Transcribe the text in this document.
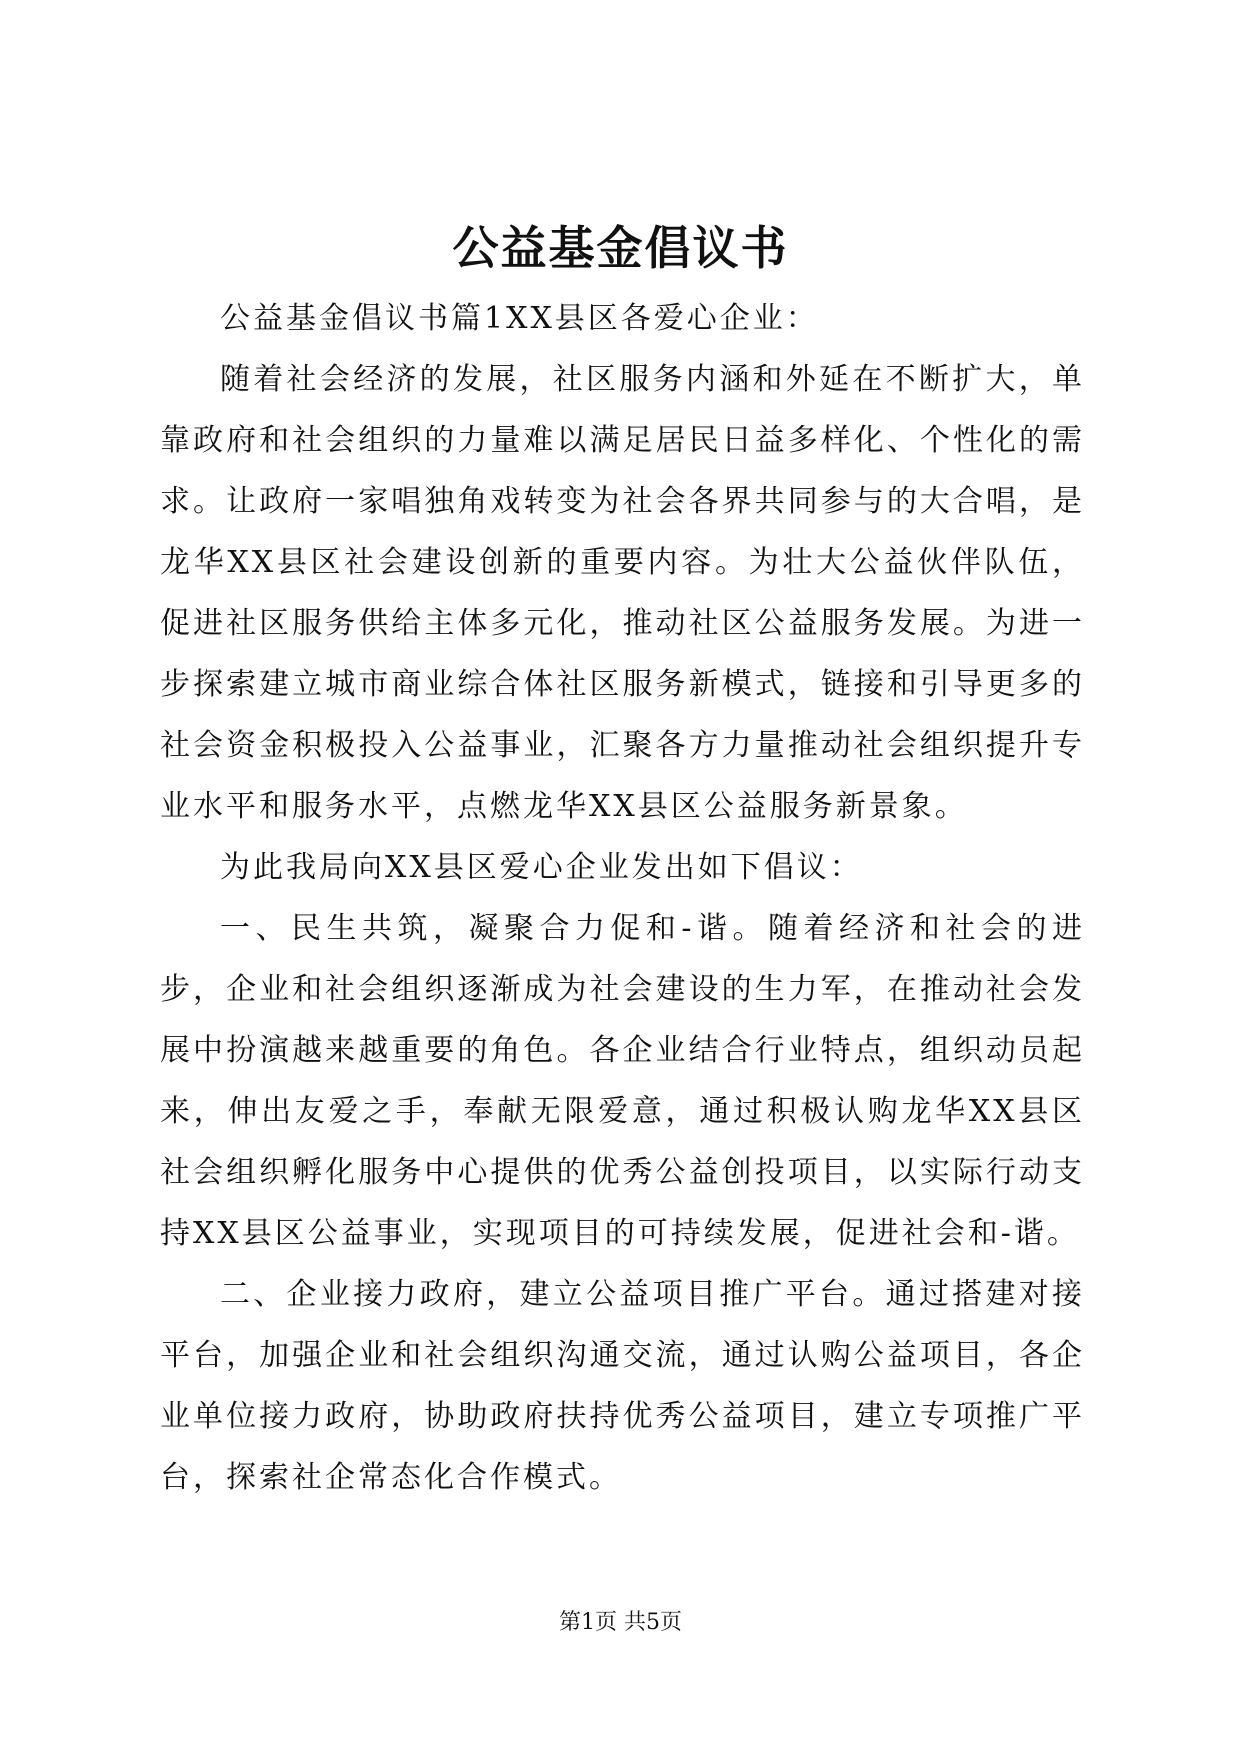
公益基金倡议书

公益基金倡议书篇1XX县区各爱心企业：

随着社会经济的发展，社区服务内涵和外延在不断扩大，单靠政府和社会组织的力量难以满足居民日益多样化、个性化的需求。让政府一家唱独角戏转变为社会各界共同参与的大合唱，是龙华XX县区社会建设创新的重要内容。为壮大公益伙伴队伍，促进社区服务供给主体多元化，推动社区公益服务发展。为进一步探索建立城市商业综合体社区服务新模式，链接和引导更多的社会资金积极投入公益事业，汇聚各方力量推动社会组织提升专业水平和服务水平，点燃龙华XX县区公益服务新景象。

为此我局向XX县区爱心企业发出如下倡议：

一、民生共筑，凝聚合力促和-谐。随着经济和社会的进步，企业和社会组织逐渐成为社会建设的生力军，在推动社会发展中扮演越来越重要的角色。各企业结合行业特点，组织动员起来，伸出友爱之手，奉献无限爱意，通过积极认购龙华XX县区社会组织孵化服务中心提供的优秀公益创投项目，以实际行动支持XX县区公益事业，实现项目的可持续发展，促进社会和-谐。

二、企业接力政府，建立公益项目推广平台。通过搭建对接平台，加强企业和社会组织沟通交流，通过认购公益项目，各企业单位接力政府，协助政府扶持优秀公益项目，建立专项推广平台，探索社企常态化合作模式。

第1页 共5页
